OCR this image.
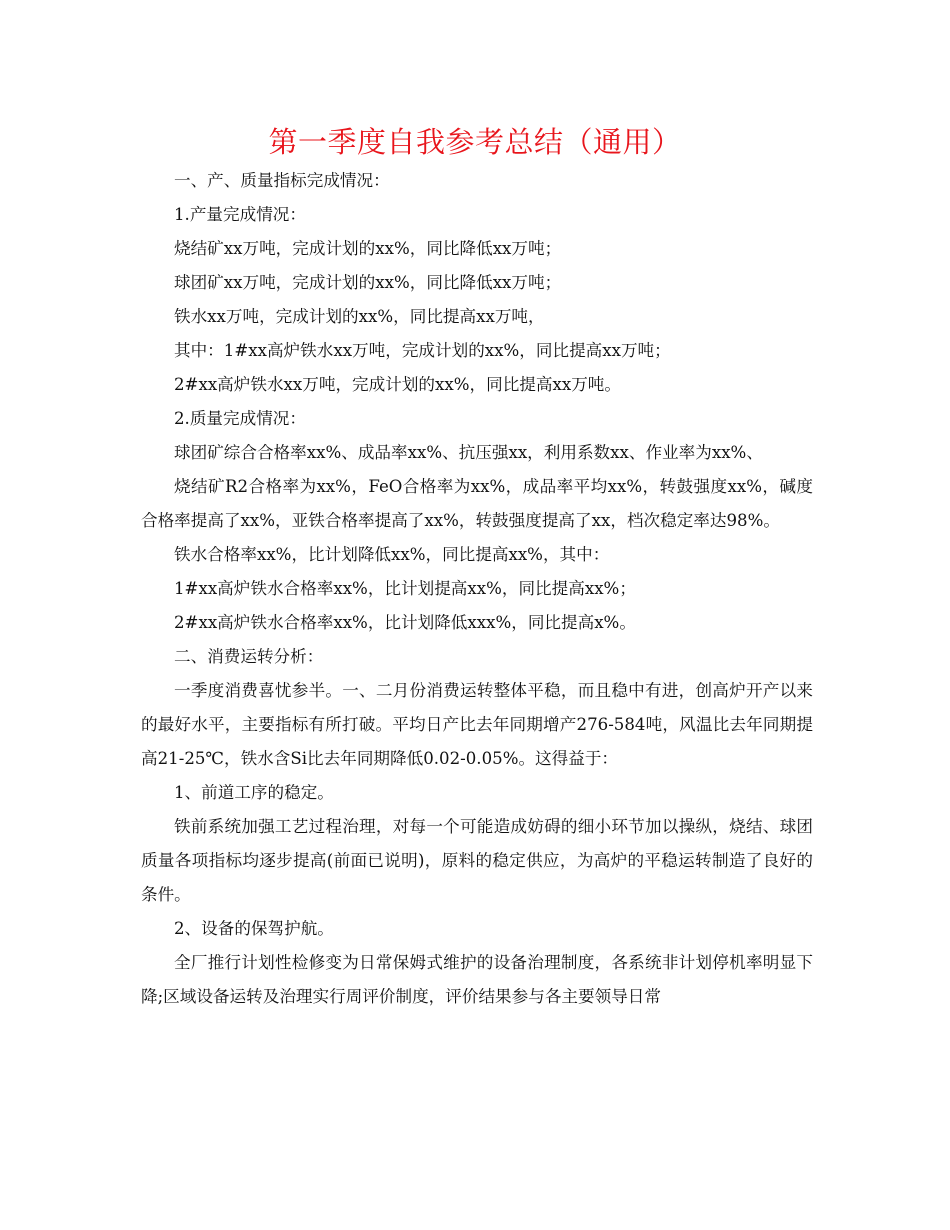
第一季度自我参考总结（通用）

一、产、质量指标完成情况：

1.产量完成情况：

烧结矿xx万吨，完成计划的xx%，同比降低xx万吨；

球团矿xx万吨，完成计划的xx%，同比降低xx万吨；

铁水xx万吨，完成计划的xx%，同比提高xx万吨，

其中：1#xx高炉铁水xx万吨，完成计划的xx%，同比提高xx万吨；

2#xx高炉铁水xx万吨，完成计划的xx%，同比提高xx万吨。

2.质量完成情况：

球团矿综合合格率xx%、成品率xx%、抗压强xx，利用系数xx、作业率为xx%、

烧结矿R2合格率为xx%，FeO合格率为xx%，成品率平均xx%，转鼓强度xx%，碱度合格率提高了xx%，亚铁合格率提高了xx%，转鼓强度提高了xx，档次稳定率达98%。

铁水合格率xx%，比计划降低xx%，同比提高xx%，其中：

1#xx高炉铁水合格率xx%，比计划提高xx%，同比提高xx%；

2#xx高炉铁水合格率xx%，比计划降低xxx%，同比提高x%。

二、消费运转分析：

一季度消费喜忧参半。一、二月份消费运转整体平稳，而且稳中有进，创高炉开产以来的最好水平，主要指标有所打破。平均日产比去年同期增产276-584吨，风温比去年同期提高21-25℃，铁水含Si比去年同期降低0.02-0.05%。这得益于：

1、前道工序的稳定。

铁前系统加强工艺过程治理，对每一个可能造成妨碍的细小环节加以操纵，烧结、球团质量各项指标均逐步提高(前面已说明)，原料的稳定供应，为高炉的平稳运转制造了良好的条件。

2、设备的保驾护航。

全厂推行计划性检修变为日常保姆式维护的设备治理制度，各系统非计划停机率明显下降;区域设备运转及治理实行周评价制度，评价结果参与各主要领导日常
